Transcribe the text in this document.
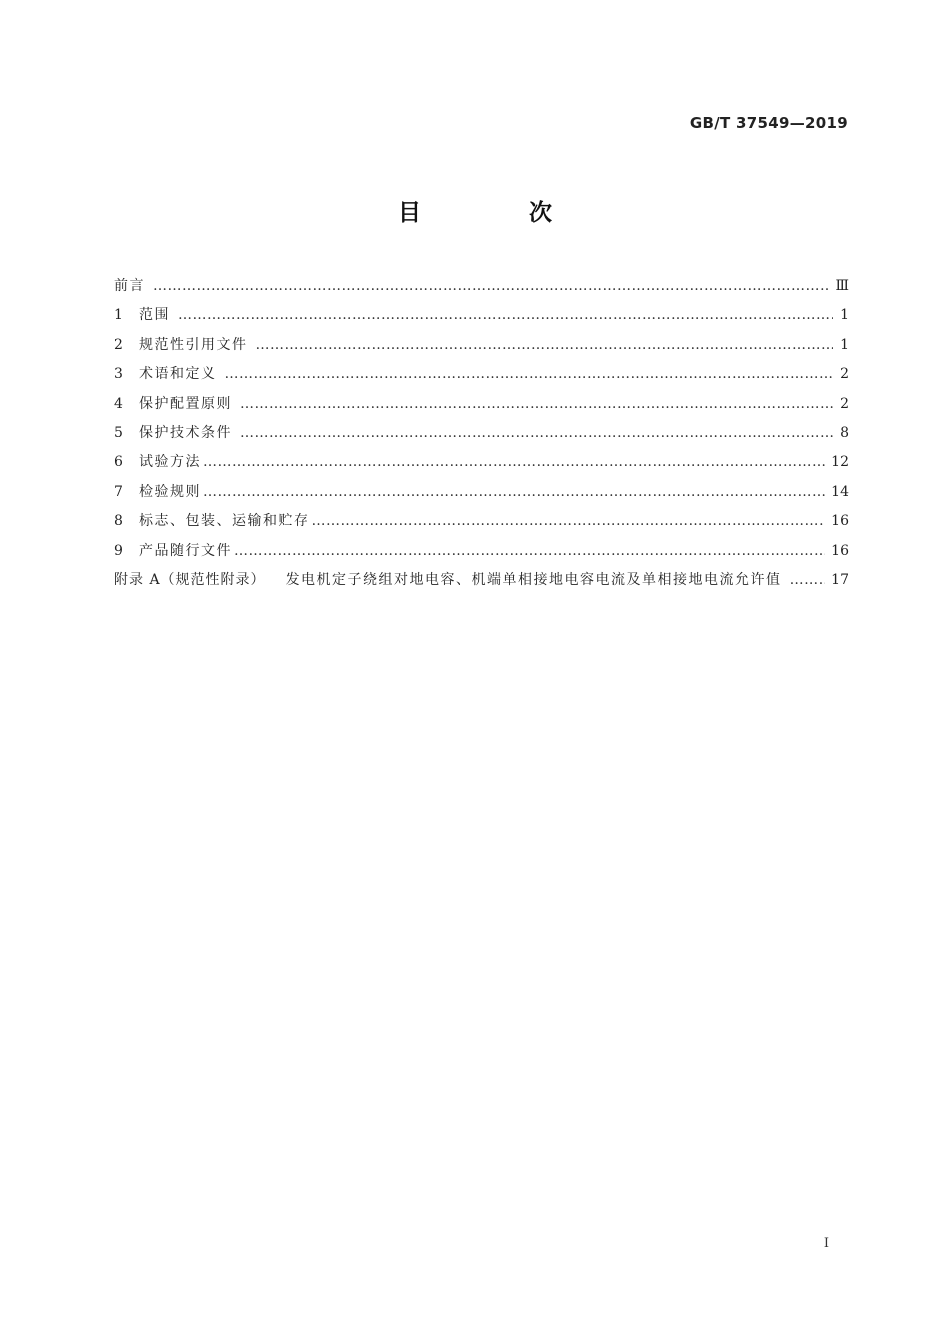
GB/T 37549—2019
目 次
前言 …………………………………………………………………………………………………………………………………………………………………………………………………………	Ⅲ
1	范围 …………………………………………………………………………………………………………………………………………………………………………………………………………	1
2	规范性引用文件 …………………………………………………………………………………………………………………………………………………………………………………………………………	1
3	术语和定义 …………………………………………………………………………………………………………………………………………………………………………………………………………	2
4	保护配置原则 …………………………………………………………………………………………………………………………………………………………………………………………………………	2
5	保护技术条件 …………………………………………………………………………………………………………………………………………………………………………………………………………	8
6	试验方法 …………………………………………………………………………………………………………………………………………………………………………………………………………	12
7	检验规则 …………………………………………………………………………………………………………………………………………………………………………………………………………	14
8	标志、包装、运输和贮存 …………………………………………………………………………………………………………………………………………………………………………………………………………	16
9	产品随行文件 …………………………………………………………………………………………………………………………………………………………………………………………………………	16
附录 A（规范性附录） 发电机定子绕组对地电容、机端单相接地电容电流及单相接地电流允许值 …………………………………………………………………………………………………………………………………………………………………………………………………………	17
Ⅰ
